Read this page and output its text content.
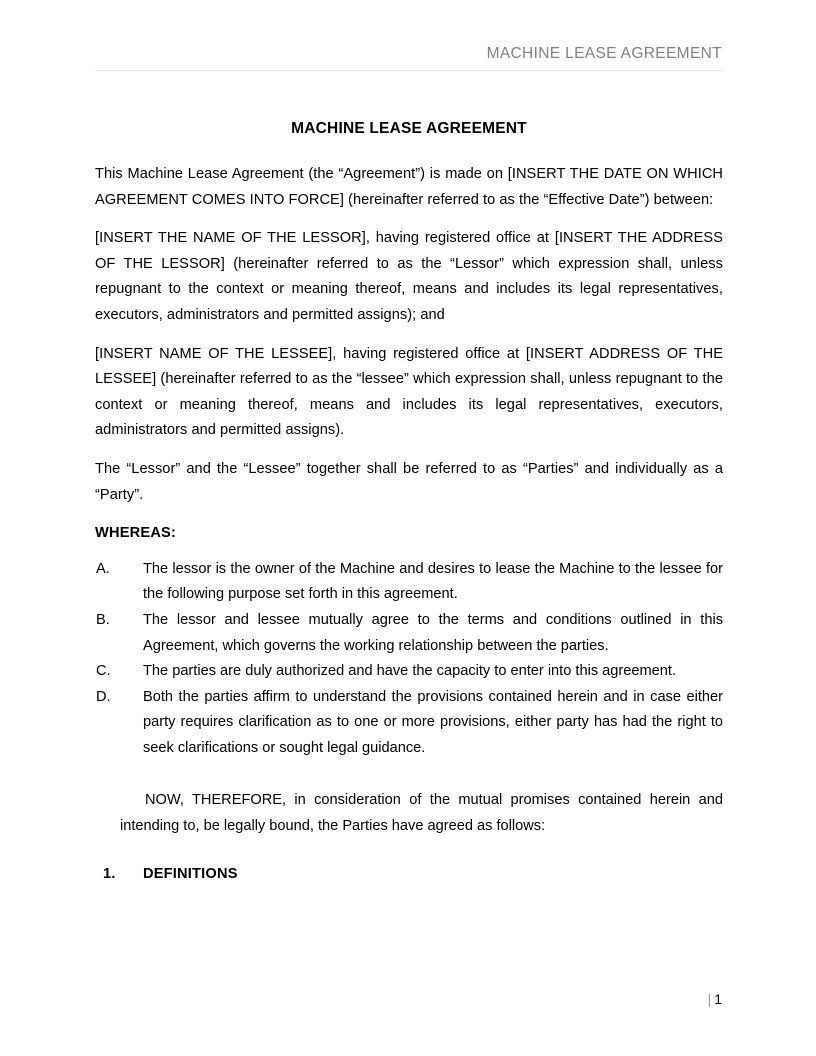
MACHINE LEASE AGREEMENT
MACHINE LEASE AGREEMENT

This Machine Lease Agreement (the “Agreement”) is made on [INSERT THE DATE ON WHICH AGREEMENT COMES INTO FORCE] (hereinafter referred to as the “Effective Date”) between:

[INSERT THE NAME OF THE LESSOR], having registered office at [INSERT THE ADDRESS OF THE LESSOR] (hereinafter referred to as the “Lessor” which expression shall, unless repugnant to the context or meaning thereof, means and includes its legal representatives, executors, administrators and permitted assigns); and

[INSERT NAME OF THE LESSEE], having registered office at [INSERT ADDRESS OF THE LESSEE] (hereinafter referred to as the “lessee” which expression shall, unless repugnant to the context or meaning thereof, means and includes its legal representatives, executors, administrators and permitted assigns).

The “Lessor” and the “Lessee” together shall be referred to as “Parties” and individually as a “Party”.

WHEREAS:
A.	The lessor is the owner of the Machine and desires to lease the Machine to the lessee for the following purpose set forth in this agreement.
B.	The lessor and lessee mutually agree to the terms and conditions outlined in this Agreement, which governs the working relationship between the parties.
C.	The parties are duly authorized and have the capacity to enter into this agreement.
D.	Both the parties affirm to understand the provisions contained herein and in case either party requires clarification as to one or more provisions, either party has had the right to seek clarifications or sought legal guidance.

NOW, THEREFORE, in consideration of the mutual promises contained herein and intending to, be legally bound, the Parties have agreed as follows:

1. DEFINITIONS
| 1
